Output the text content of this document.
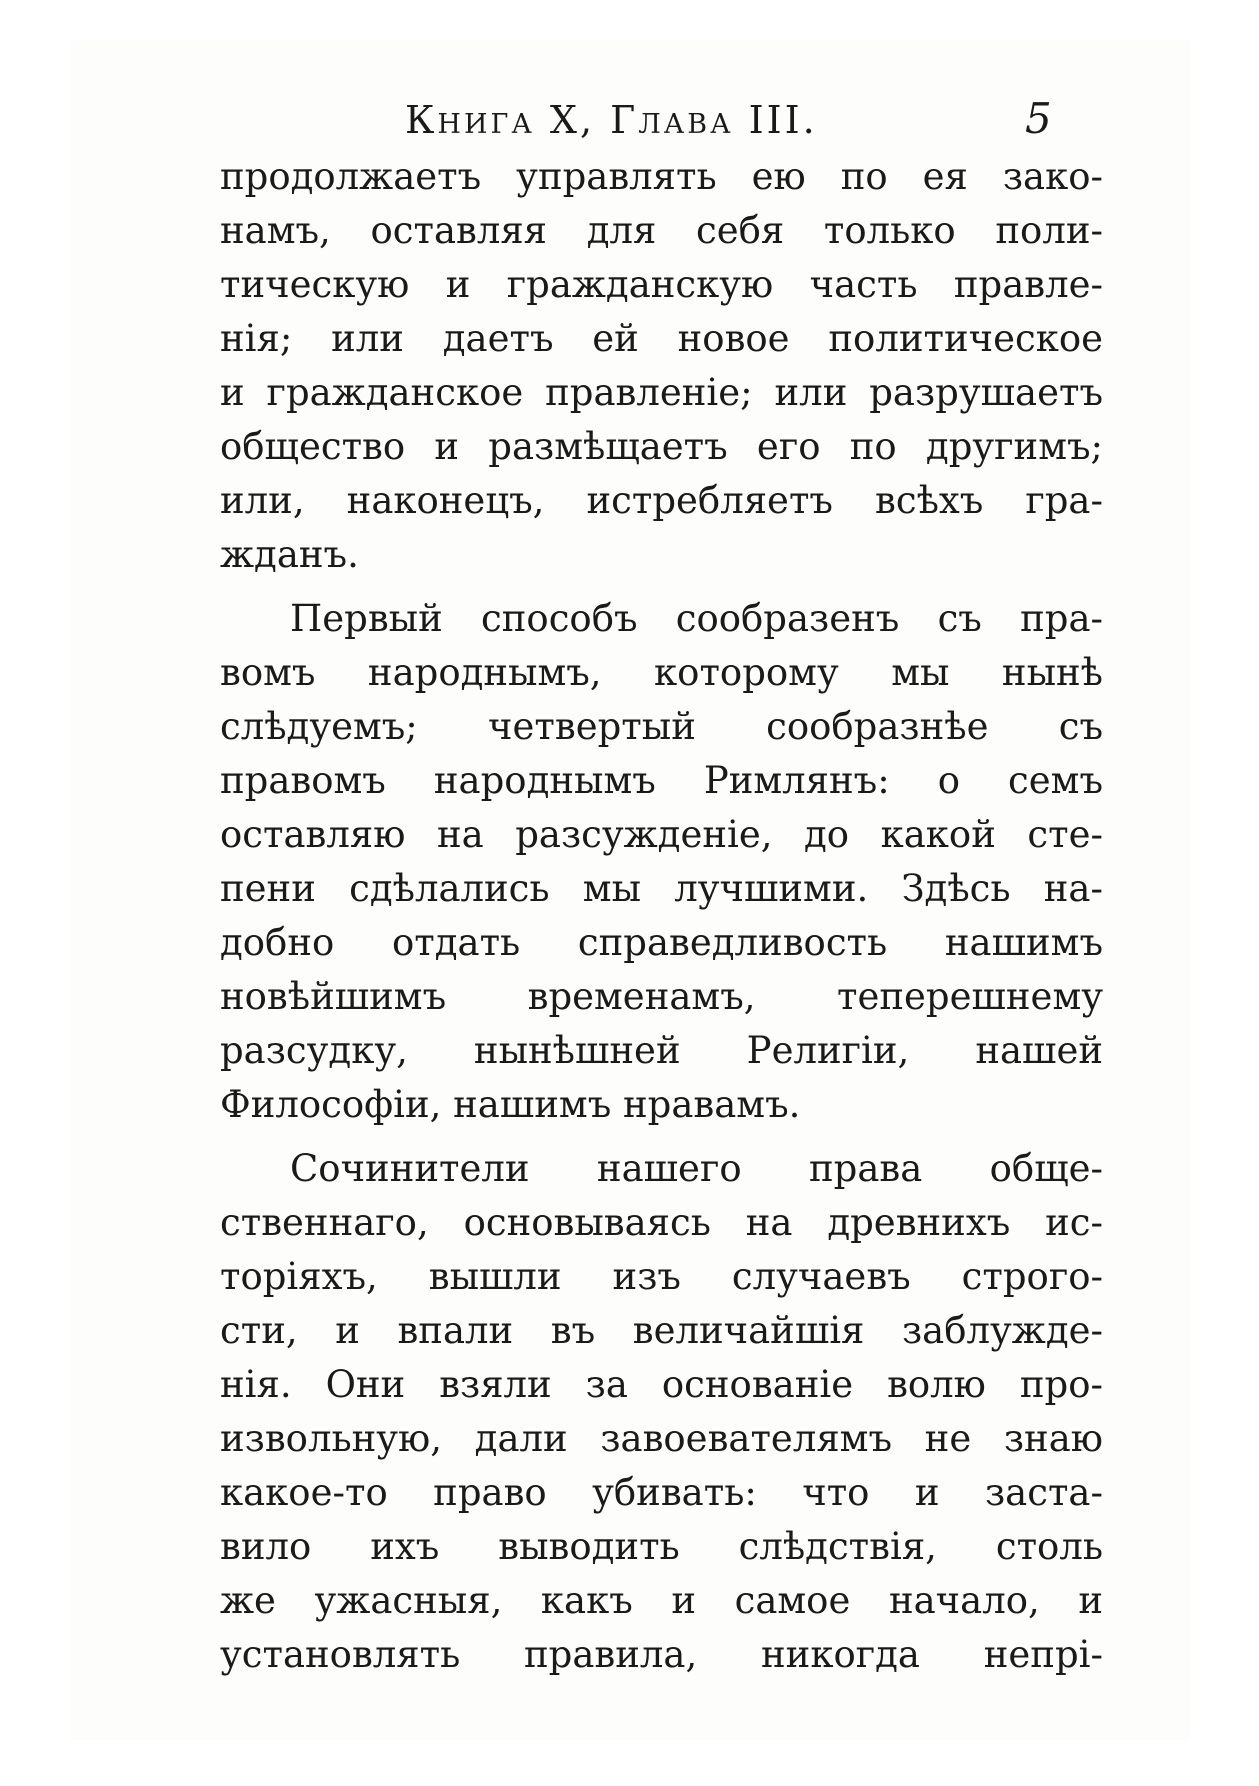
Книга X, Глава III.	5
продолжаетъ управлять ею по ея зако-
намъ, оставляя для себя только поли-
тическую и гражданскую часть правле-
нія; или даетъ ей новое политическое
и гражданское правленіе; или разрушаетъ
общество и размѣщаетъ его по другимъ;
или, наконецъ, истребляетъ всѣхъ гра-
жданъ.
Первый способъ сообразенъ съ пра-
вомъ народнымъ, которому мы нынѣ
слѣдуемъ; четвертый сообразнѣе съ
правомъ народнымъ Римлянъ: о семъ
оставляю на разсужденіе, до какой сте-
пени сдѣлались мы лучшими. Здѣсь на-
добно отдать справедливость нашимъ
новѣйшимъ временамъ, теперешнему
разсудку, нынѣшней Религіи, нашей
Философіи, нашимъ нравамъ.
Сочинители нашего права обще-
ственнаго, основываясь на древнихъ ис-
торіяхъ, вышли изъ случаевъ строго-
сти, и впали въ величайшія заблужде-
нія. Они взяли за основаніе волю про-
извольную, дали завоевателямъ не знаю
какое-то право убивать: что и заста-
вило ихъ выводить слѣдствія, столь
же ужасныя, какъ и самое начало, и
установлять правила, никогда непрі-
